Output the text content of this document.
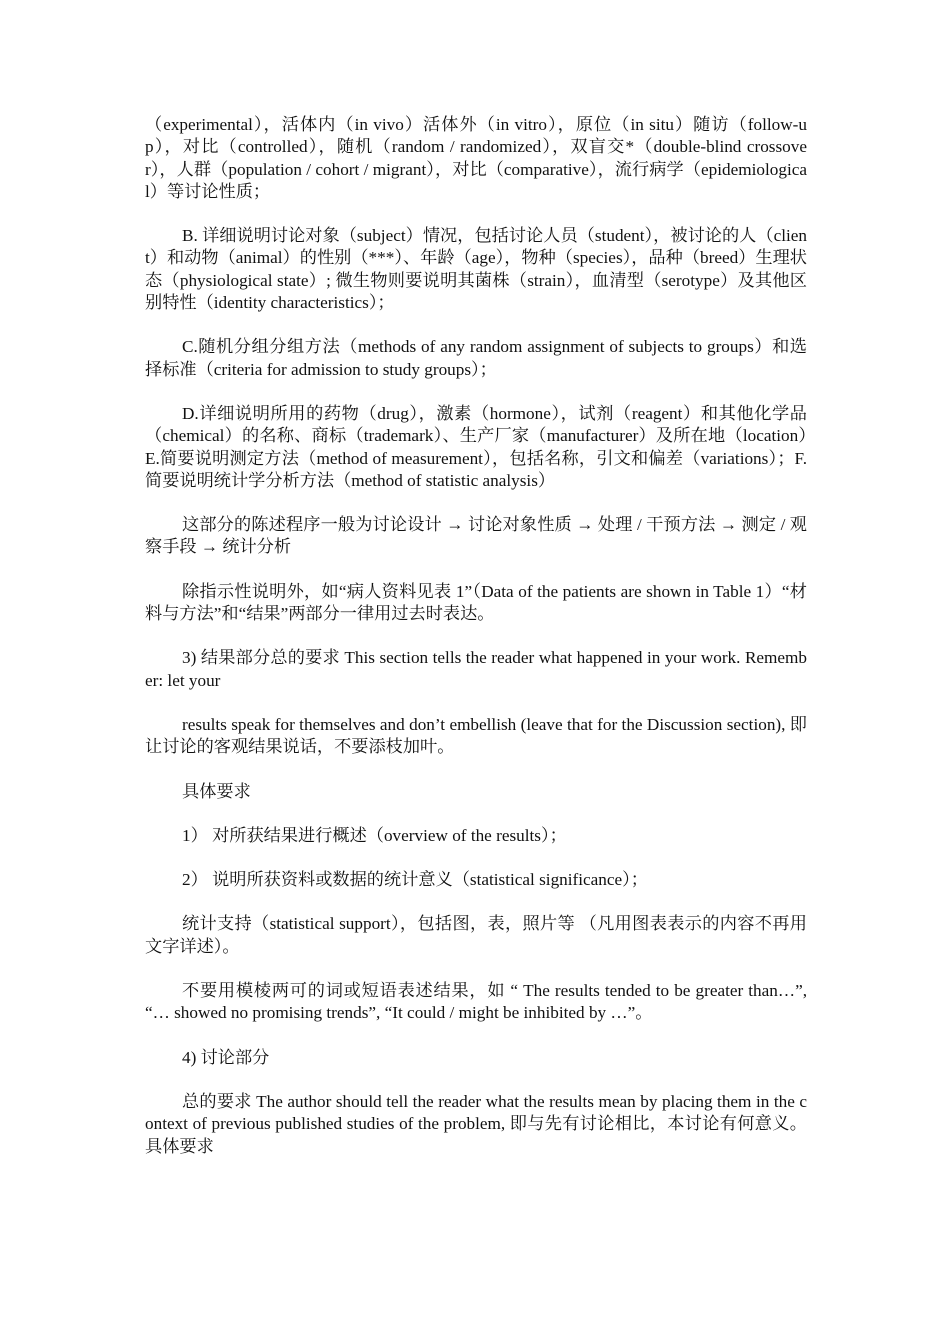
（experimental），活体内（in vivo）活体外（in vitro），原位（in situ）随访（follow-up），对比（controlled），随机（random / randomized），双盲交*（double-blind crossover），人群（population / cohort / migrant），对比（comparative），流行病学（epidemiological）等讨论性质；

B. 详细说明讨论对象（subject）情况，包括讨论人员（student），被讨论的人（client）和动物（animal）的性别（***）、年龄（age），物种（species），品种（breed）生理状态（physiological state）; 微生物则要说明其菌株（strain），血清型（serotype）及其他区别特性（identity characteristics）；

C.随机分组分组方法（methods of any random assignment of subjects to groups）和选择标准（criteria for admission to study groups）；

D.详细说明所用的药物（drug），激素（hormone），试剂（reagent）和其他化学品（chemical）的名称、商标（trademark）、生产厂家（manufacturer）及所在地（location）E.简要说明测定方法（method of measurement），包括名称，引文和偏差（variations）；F.简要说明统计学分析方法（method of statistic analysis）

这部分的陈述程序一般为讨论设计 → 讨论对象性质 → 处理 / 干预方法 → 测定 / 观察手段 → 统计分析

除指示性说明外，如“病人资料见表 1”（Data of the patients are shown in Table 1）“材料与方法”和“结果”两部分一律用过去时表达。

3) 结果部分总的要求 This section tells the reader what happened in your work. Remember: let your

results speak for themselves and don’t embellish (leave that for the Discussion section), 即让讨论的客观结果说话，不要添枝加叶。

具体要求

1） 对所获结果进行概述（overview of the results）；

2） 说明所获资料或数据的统计意义（statistical significance）；

统计支持（statistical support），包括图，表，照片等 （凡用图表表示的内容不再用文字详述）。

不要用模棱两可的词或短语表述结果，如 “ The results tended to be greater than…”, “… showed no promising trends”, “It could / might be inhibited by …”。

4) 讨论部分

总的要求 The author should tell the reader what the results mean by placing them in the context of previous published studies of the problem, 即与先有讨论相比，本讨论有何意义。具体要求
